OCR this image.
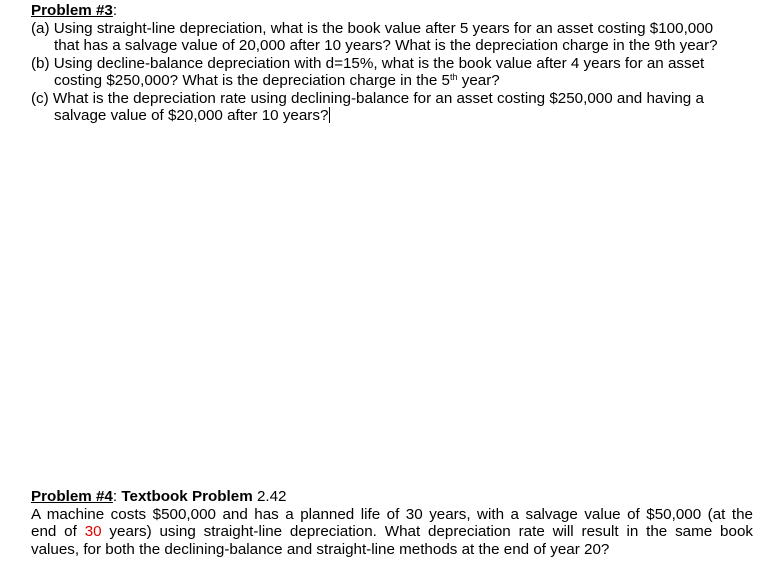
Problem #3:
(a) Using straight-line depreciation, what is the book value after 5 years for an asset costing $100,000
that has a salvage value of 20,000 after 10 years? What is the depreciation charge in the 9th year?
(b) Using decline-balance depreciation with d=15%, what is the book value after 4 years for an asset
costing $250,000? What is the depreciation charge in the 5th year?
(c) What is the depreciation rate using declining-balance for an asset costing $250,000 and having a
salvage value of $20,000 after 10 years?
Problem #4: Textbook Problem 2.42
A machine costs $500,000 and has a planned life of 30 years, with a salvage value of $50,000 (at the
end of 30 years) using straight-line depreciation. What depreciation rate will result in the same book
values, for both the declining-balance and straight-line methods at the end of year 20?
